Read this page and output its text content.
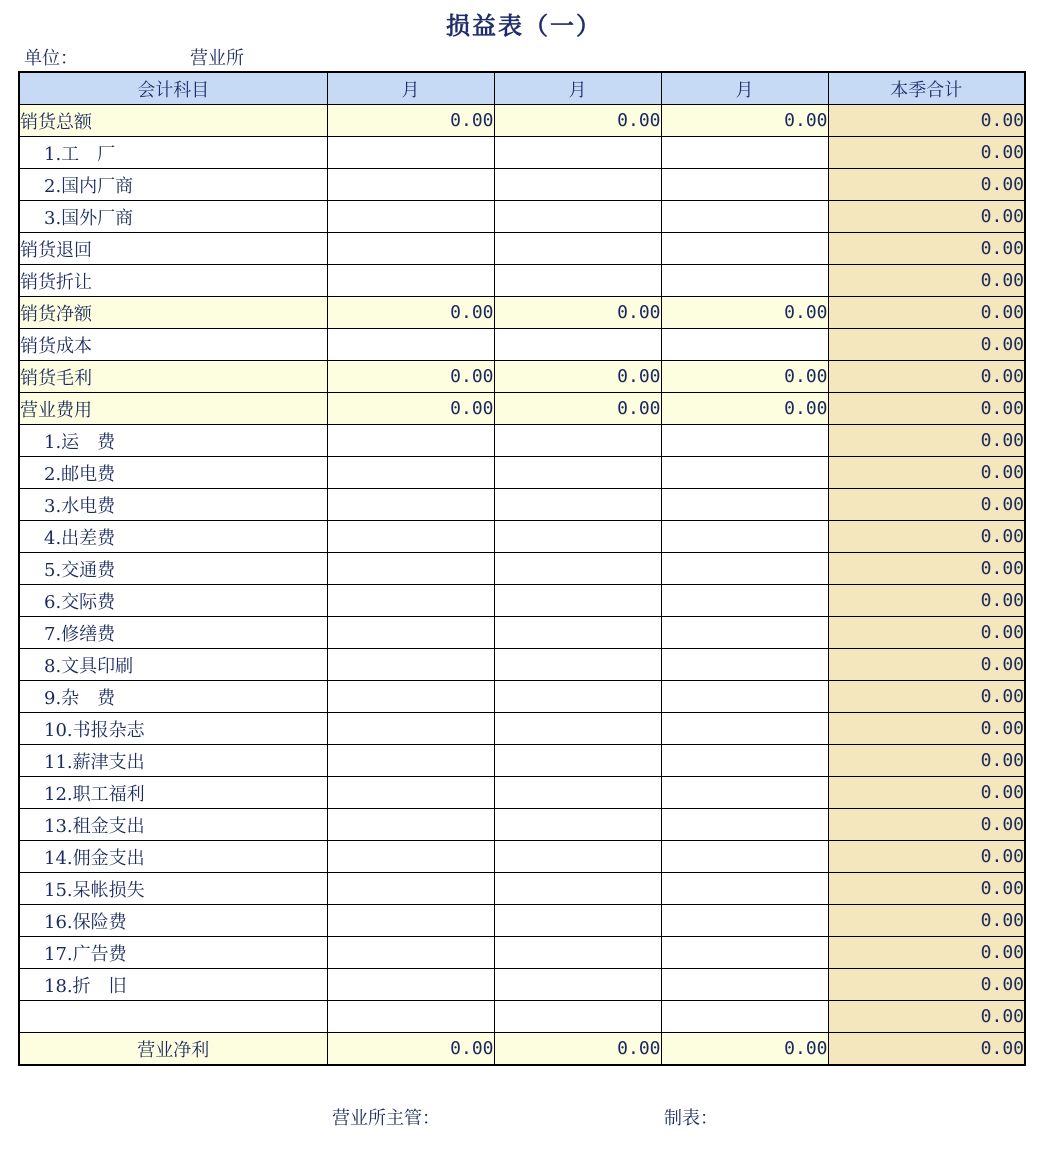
损益表（一）
单位：	营业所
会计科目	月	月	月	本季合计
销货总额	0.00	0.00	0.00	0.00
1.工　厂				0.00
2.国内厂商				0.00
3.国外厂商				0.00
销货退回				0.00
销货折让				0.00
销货净额	0.00	0.00	0.00	0.00
销货成本				0.00
销货毛利	0.00	0.00	0.00	0.00
营业费用	0.00	0.00	0.00	0.00
1.运　费				0.00
2.邮电费				0.00
3.水电费				0.00
4.出差费				0.00
5.交通费				0.00
6.交际费				0.00
7.修缮费				0.00
8.文具印刷				0.00
9.杂　费				0.00
10.书报杂志				0.00
11.薪津支出				0.00
12.职工福利				0.00
13.租金支出				0.00
14.佣金支出				0.00
15.呆帐损失				0.00
16.保险费				0.00
17.广告费				0.00
18.折　旧				0.00
				0.00
营业净利	0.00	0.00	0.00	0.00
营业所主管：	制表：
